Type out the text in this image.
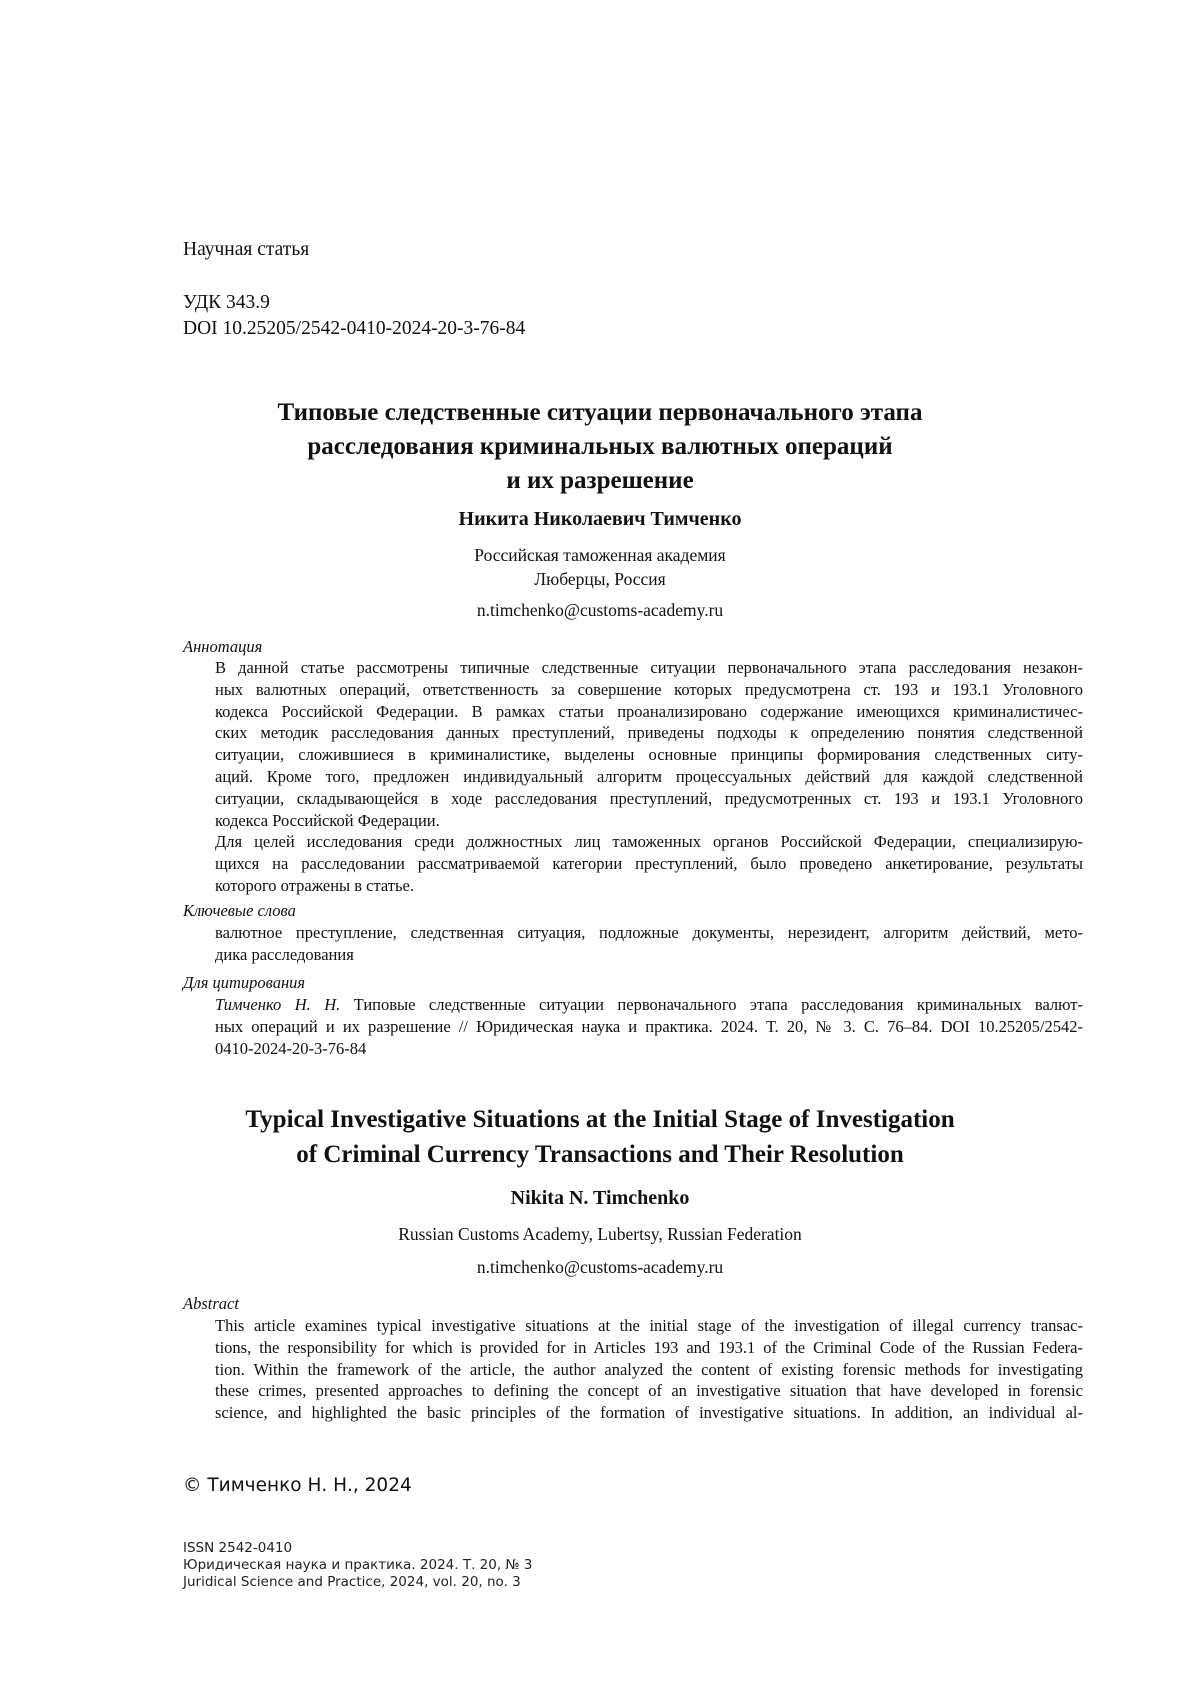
Научная статья
УДК 343.9
DOI 10.25205/2542-0410-2024-20-3-76-84
Типовые следственные ситуации первоначального этапа
расследования криминальных валютных операций
и их разрешение
Никита Николаевич Тимченко
Российская таможенная академия
Люберцы, Россия
n.timchenko@customs-academy.ru
Аннотация
В данной статье рассмотрены типичные следственные ситуации первоначального этапа расследования незакон-
ных валютных операций, ответственность за совершение которых предусмотрена ст. 193 и 193.1 Уголовного
кодекса Российской Федерации. В рамках статьи проанализировано содержание имеющихся криминалистичес-
ских методик расследования данных преступлений, приведены подходы к определению понятия следственной
ситуации, сложившиеся в криминалистике, выделены основные принципы формирования следственных ситу-
аций. Кроме того, предложен индивидуальный алгоритм процессуальных действий для каждой следственной
ситуации, складывающейся в ходе расследования преступлений, предусмотренных ст. 193 и 193.1 Уголовного
кодекса Российской Федерации.
Для целей исследования среди должностных лиц таможенных органов Российской Федерации, специализирую-
щихся на расследовании рассматриваемой категории преступлений, было проведено анкетирование, результаты
которого отражены в статье.
Ключевые слова
валютное преступление, следственная ситуация, подложные документы, нерезидент, алгоритм действий, мето-
дика расследования
Для цитирования
Тимченко Н. Н. Типовые следственные ситуации первоначального этапа расследования криминальных валют-
ных операций и их разрешение // Юридическая наука и практика. 2024. Т. 20, № 3. С. 76–84. DOI 10.25205/2542-
0410-2024-20-3-76-84
Typical Investigative Situations at the Initial Stage of Investigation
of Criminal Currency Transactions and Their Resolution
Nikita N. Timchenko
Russian Customs Academy, Lubertsy, Russian Federation
n.timchenko@customs-academy.ru
Abstract
This article examines typical investigative situations at the initial stage of the investigation of illegal currency transac-
tions, the responsibility for which is provided for in Articles 193 and 193.1 of the Criminal Code of the Russian Federa-
tion. Within the framework of the article, the author analyzed the content of existing forensic methods for investigating
these crimes, presented approaches to defining the concept of an investigative situation that have developed in forensic
science, and highlighted the basic principles of the formation of investigative situations. In addition, an individual al-
© Тимченко Н. Н., 2024
ISSN 2542-0410
Юридическая наука и практика. 2024. Т. 20, № 3
Juridical Science and Practice, 2024, vol. 20, no. 3
